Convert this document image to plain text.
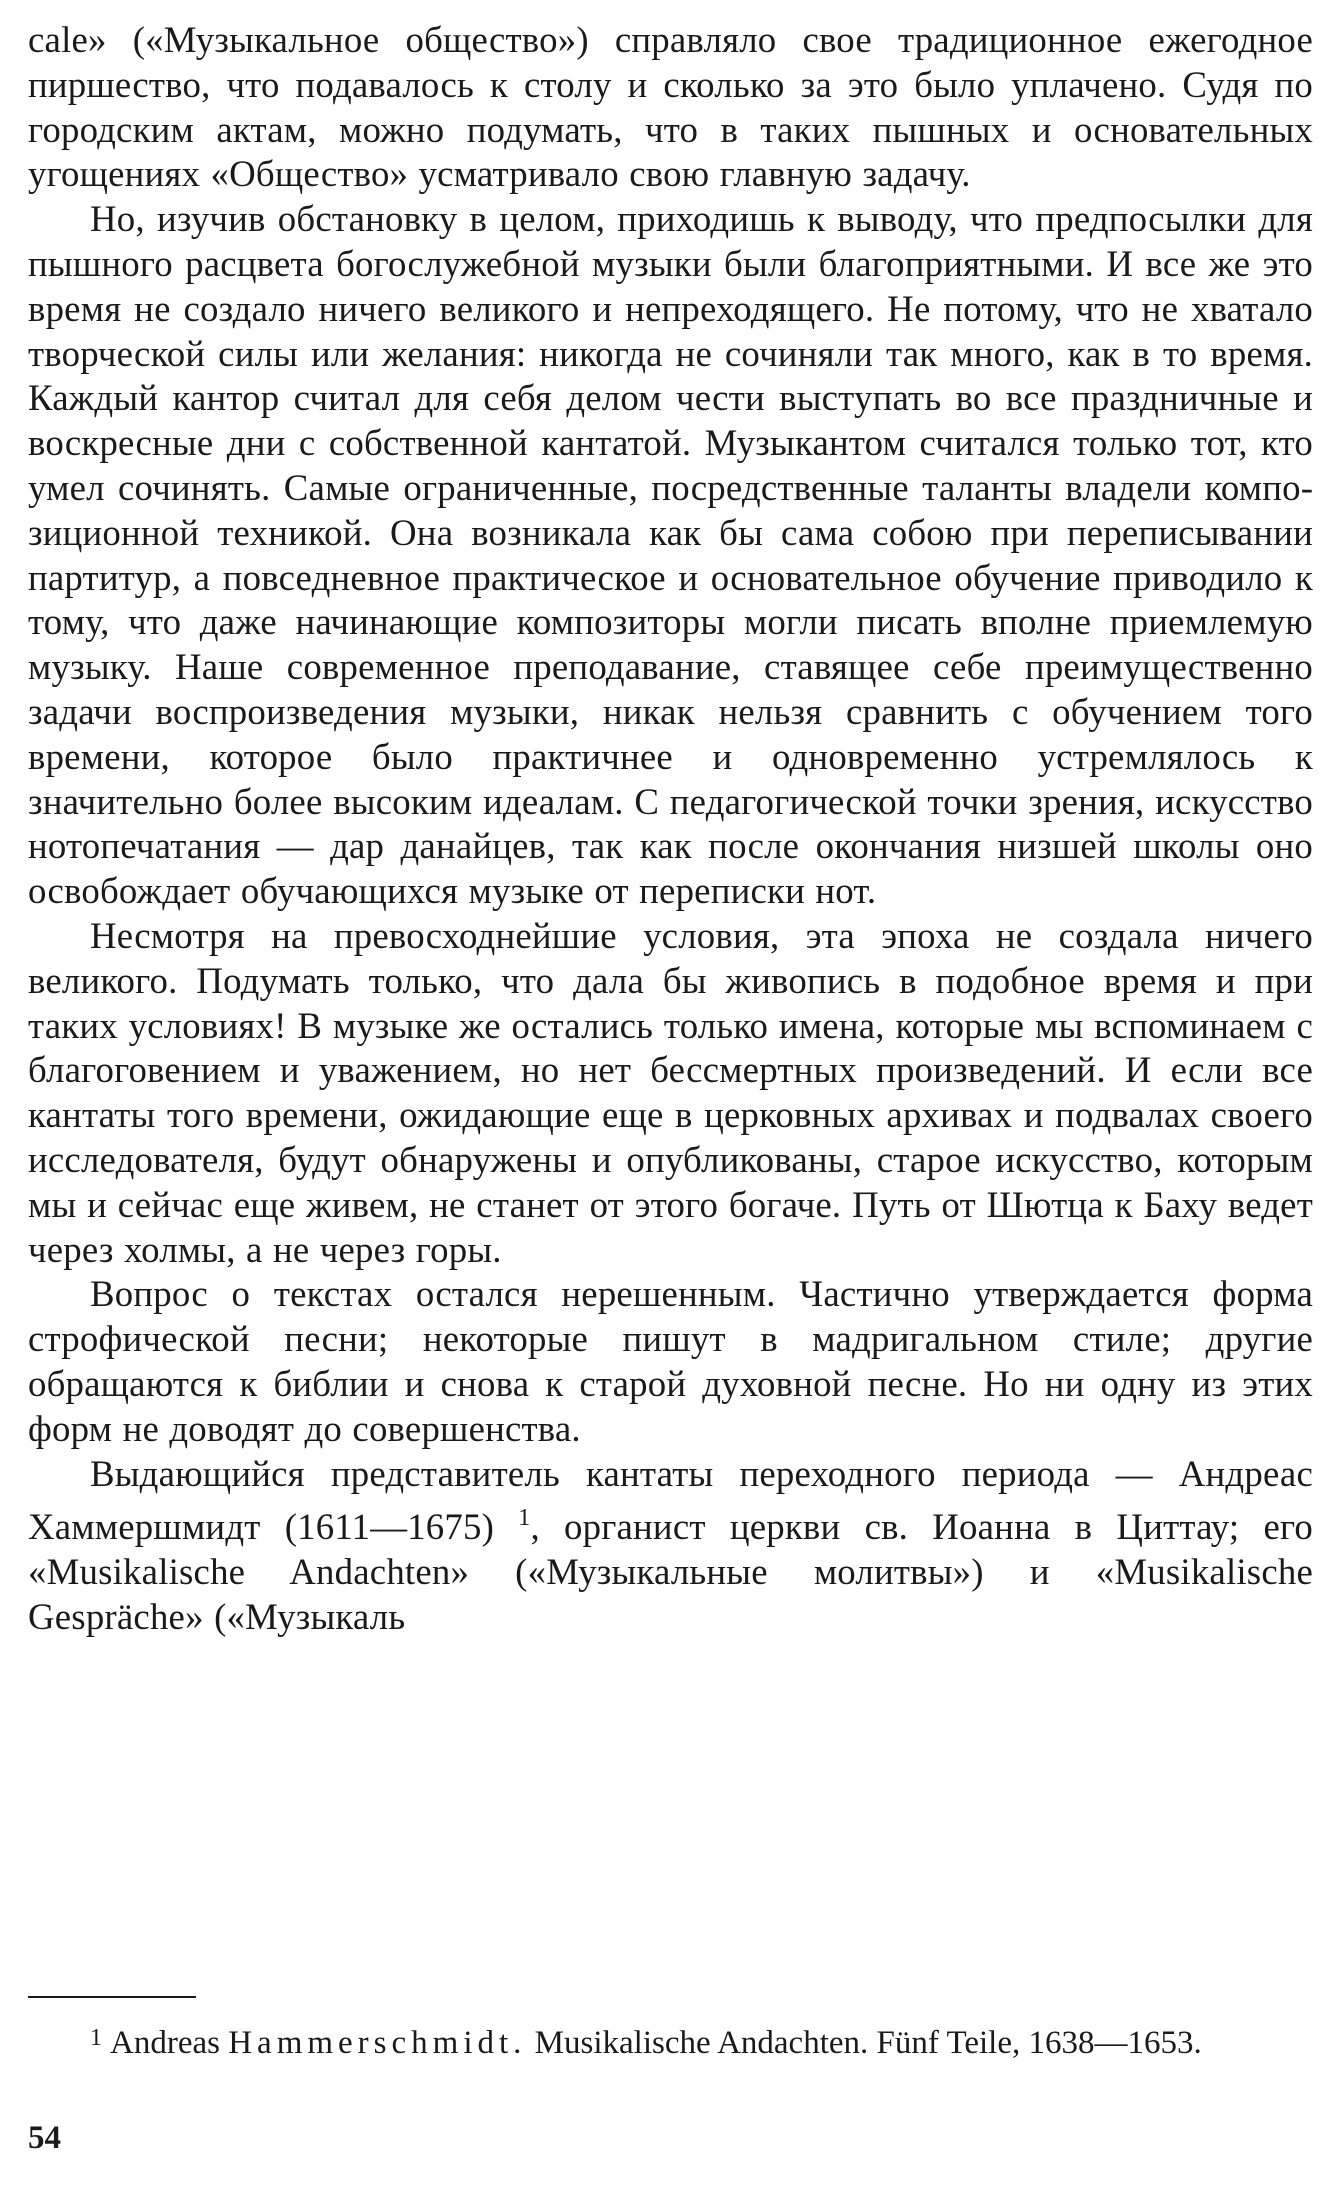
cale» («Музыкальное общество») справляло свое традиционное ежегодное пиршество, что подавалось к столу и сколько за это было уплачено. Судя по городским актам, можно подумать, что в таких пышных и основательных угощениях «Общество» усматривало свою главную задачу.

Но, изучив обстановку в целом, приходишь к выводу, что предпосылки для пышного расцвета богослужебной музыки были благоприятными. И все же это время не создало ничего великого и непреходящего. Не потому, что не хватало творческой силы или желания: никогда не сочиняли так много, как в то время. Каждый кантор считал для себя делом чести выступать во все праздничные и воскресные дни с собственной кантатой. Музыкантом считался только тот, кто умел сочинять. Самые ограниченные, посредственные таланты владели композиционной техникой. Она возникала как бы сама собою при переписывании партитур, а повседневное практическое и основательное обучение приводило к тому, что даже начинающие композиторы могли писать вполне приемлемую музыку. Наше современное преподавание, ставящее себе преимущественно задачи воспроизведения музыки, никак нельзя сравнить с обучением того времени, которое было практичнее и одновременно устремлялось к значительно более высоким идеалам. С педагогической точки зрения, искусство нотопечатания — дар данайцев, так как после окончания низшей школы оно освобождает обучающихся музыке от переписки нот.

Несмотря на превосходнейшие условия, эта эпоха не создала ничего великого. Подумать только, что дала бы живопись в подобное время и при таких условиях! В музыке же остались только имена, которые мы вспоминаем с благоговением и уважением, но нет бессмертных произведений. И если все кантаты того времени, ожидающие еще в церковных архивах и подвалах своего исследователя, будут обнаружены и опубликованы, старое искусство, которым мы и сейчас еще живем, не станет от этого богаче. Путь от Шютца к Баху ведет через холмы, а не через горы.

Вопрос о текстах остался нерешенным. Частично утверждается форма строфической песни; некоторые пишут в мадригальном стиле; другие обращаются к библии и снова к старой духовной песне. Но ни одну из этих форм не доводят до совершенства.

Выдающийся представитель кантаты переходного периода — Андреас Хаммершмидт (1611—1675) $^1$, органист церкви св. Иоанна в Циттау; его «Musikalische Andachten» («Музыкальные молитвы») и «Musikalische Gespräche» («Музыкаль

$^1$ Andreas Hammerschmidt. Musikalische Andachten. Fünf Teile, 1638—1653.
54
